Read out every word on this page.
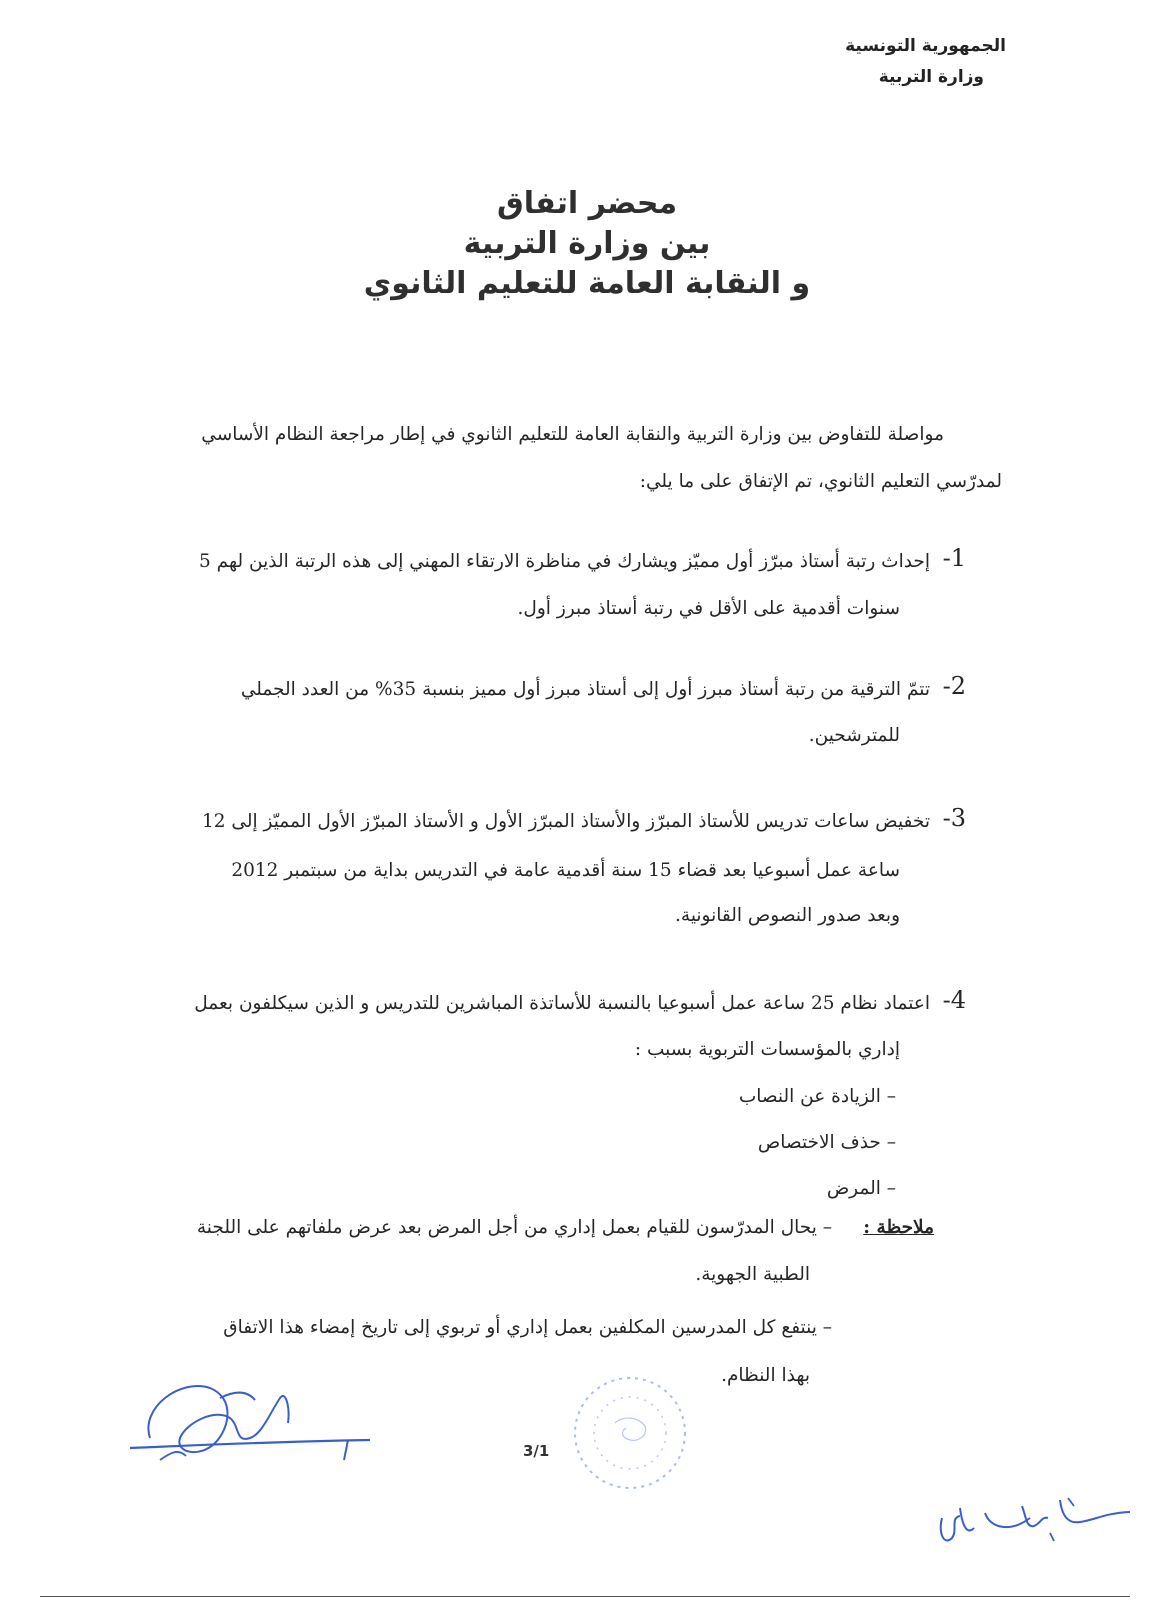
الجمهورية التونسية
وزارة التربية
محضر اتفاق
بين وزارة التربية
و النقابة العامة للتعليم الثانوي
مواصلة للتفاوض بين وزارة التربية والنقابة العامة للتعليم الثانوي في إطار مراجعة النظام الأساسي
لمدرّسي التعليم الثانوي، تم الإتفاق على ما يلي:
1-
إحداث رتبة أستاذ مبرّز أول مميّز ويشارك في مناظرة الارتقاء المهني إلى هذه الرتبة الذين لهم 5
سنوات أقدمية على الأقل في رتبة أستاذ مبرز أول.
2-
تتمّ الترقية من رتبة أستاذ مبرز أول إلى أستاذ مبرز أول مميز بنسبة 35% من العدد الجملي
للمترشحين.
3-
تخفيض ساعات تدريس للأستاذ المبرّز والأستاذ المبرّز الأول و الأستاذ المبرّز الأول المميّز إلى 12
ساعة عمل أسبوعيا بعد قضاء 15 سنة أقدمية عامة في التدريس بداية من سبتمبر 2012
وبعد صدور النصوص القانونية.
4-
اعتماد نظام 25 ساعة عمل أسبوعيا بالنسبة للأساتذة المباشرين للتدريس و الذين سيكلفون بعمل
إداري بالمؤسسات التربوية بسبب :
– الزيادة عن النصاب
– حذف الاختصاص
– المرض
ملاحظة :
– يحال المدرّسون للقيام بعمل إداري من أجل المرض بعد عرض ملفاتهم على اللجنة
الطبية الجهوية.
– ينتفع كل المدرسين المكلفين بعمل إداري أو تربوي إلى تاريخ إمضاء هذا الاتفاق
بهذا النظام.
3/1
